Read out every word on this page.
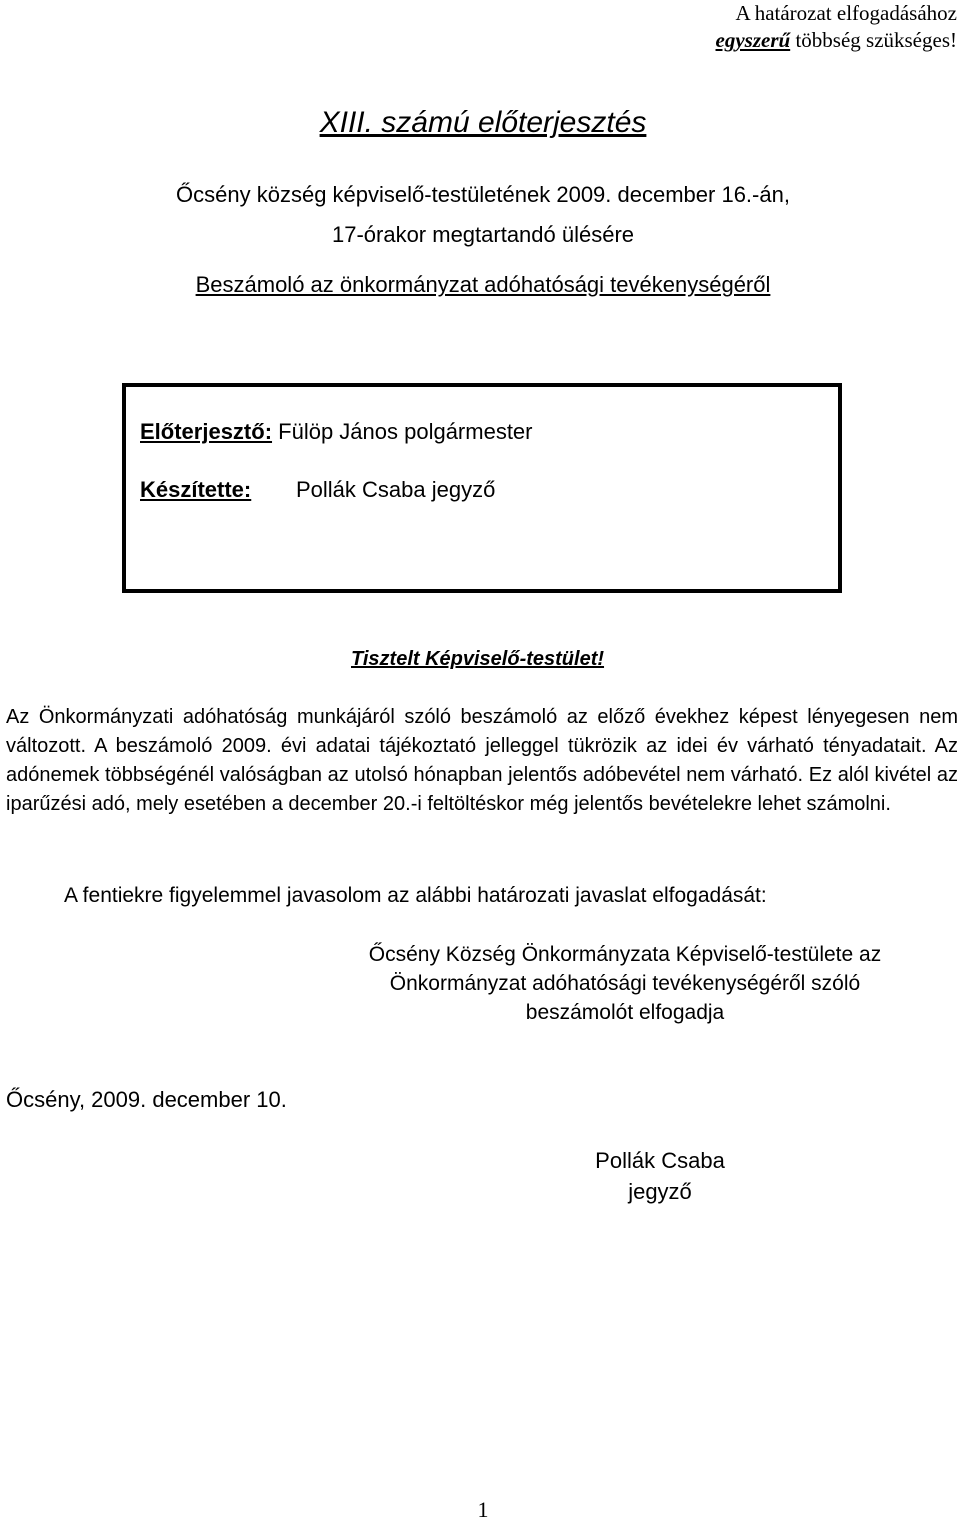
A határozat elfogadásához
egyszerű többség szükséges!
XIII. számú előterjesztés
Őcsény község képviselő-testületének 2009. december 16.-án,
17-órakor megtartandó ülésére
Beszámoló az önkormányzat adóhatósági tevékenységéről
Előterjesztő: Fülöp János polgármester
Készítette: Pollák Csaba jegyző
Tisztelt Képviselő-testület!
Az Önkormányzati adóhatóság munkájáról szóló beszámoló az előző évekhez képest lényegesen nem változott. A beszámoló 2009. évi adatai tájékoztató jelleggel tükrözik az idei év várható tényadatait. Az adónemek többségénél valóságban az utolsó hónapban jelentős adóbevétel nem várható. Ez alól kivétel az iparűzési adó, mely esetében a december 20.-i feltöltéskor még jelentős bevételekre lehet számolni.
A fentiekre figyelemmel javasolom az alábbi határozati javaslat elfogadását:
Őcsény Község Önkormányzata Képviselő-testülete az
Önkormányzat adóhatósági tevékenységéről szóló
beszámolót elfogadja
Őcsény, 2009. december 10.
Pollák Csaba
jegyző
1
